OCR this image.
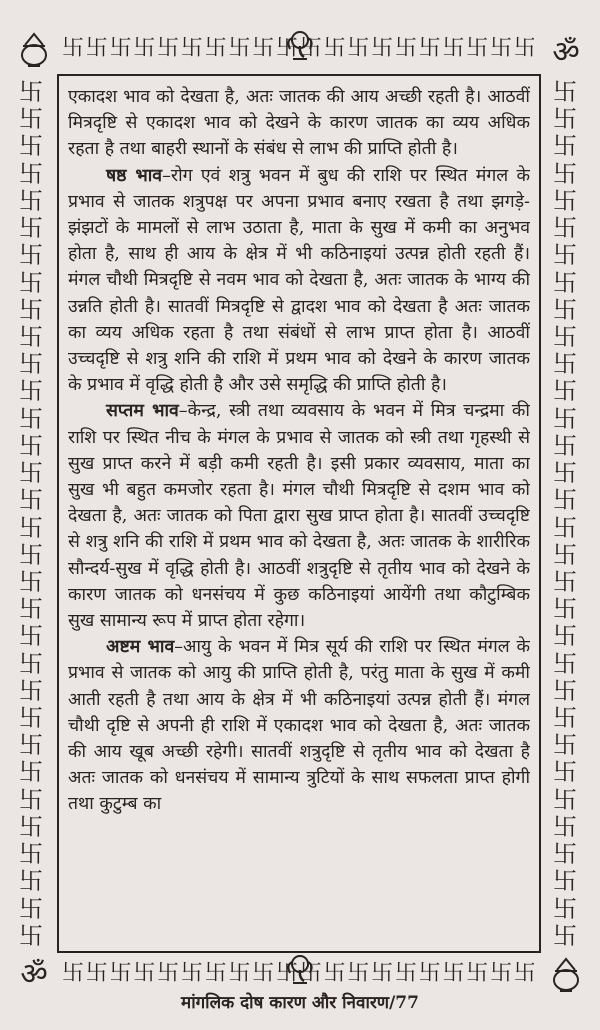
卐 卐 卐 卐 卐 卐 卐 卐 卐 卐 卐 卐 卐 卐 卐 卐 卐 卐 卐 卐
卐 卐 卐 卐 卐 卐 卐 卐 卐 卐 卐 卐 卐 卐 卐 卐 卐 卐 卐 卐
卐
卐
卐
卐
卐
卐
卐
卐
卐
卐
卐
卐
卐
卐
卐
卐
卐
卐
卐
卐
卐
卐
卐
卐
卐
卐
卐
卐
卐
卐
卐
卐
卐
卐
卐
卐
卐
卐
卐
卐
卐
卐
卐
卐
卐
卐
卐
卐
卐
卐
卐
卐
卐
卐
卐
卐
卐
卐
卐
卐
卐
卐
卐
卐
ॐ
ॐ

एकादश भाव को देखता है, अतः जातक की आय अच्छी रहती है। आठवीं मित्रदृष्टि से एकादश भाव को देखने के कारण जातक का व्यय अधिक रहता है तथा बाहरी स्थानों के संबंध से लाभ की प्राप्ति होती है।

षष्ठ भाव–रोग एवं शत्रु भवन में बुध की राशि पर स्थित मंगल के प्रभाव से जातक शत्रुपक्ष पर अपना प्रभाव बनाए रखता है तथा झगड़े- झंझटों के मामलों से लाभ उठाता है, माता के सुख में कमी का अनुभव होता है, साथ ही आय के क्षेत्र में भी कठिनाइयां उत्पन्न होती रहती हैं। मंगल चौथी मित्रदृष्टि से नवम भाव को देखता है, अतः जातक के भाग्य की उन्नति होती है। सातवीं मित्रदृष्टि से द्वादश भाव को देखता है अतः जातक का व्यय अधिक रहता है तथा संबंधों से लाभ प्राप्त होता है। आठवीं उच्चदृष्टि से शत्रु शनि की राशि में प्रथम भाव को देखने के कारण जातक के प्रभाव में वृद्धि होती है और उसे समृद्धि की प्राप्ति होती है।

सप्तम भाव–केन्द्र, स्त्री तथा व्यवसाय के भवन में मित्र चन्द्रमा की राशि पर स्थित नीच के मंगल के प्रभाव से जातक को स्त्री तथा गृहस्थी से सुख प्राप्त करने में बड़ी कमी रहती है। इसी प्रकार व्यवसाय, माता का सुख भी बहुत कमजोर रहता है। मंगल चौथी मित्रदृष्टि से दशम भाव को देखता है, अतः जातक को पिता द्वारा सुख प्राप्त होता है। सातवीं उच्चदृष्टि से शत्रु शनि की राशि में प्रथम भाव को देखता है, अतः जातक के शारीरिक सौन्दर्य-सुख में वृद्धि होती है। आठवीं शत्रुदृष्टि से तृतीय भाव को देखने के कारण जातक को धनसंचय में कुछ कठिनाइयां आयेंगी तथा कौटुम्बिक सुख सामान्य रूप में प्राप्त होता रहेगा।

अष्टम भाव–आयु के भवन में मित्र सूर्य की राशि पर स्थित मंगल के प्रभाव से जातक को आयु की प्राप्ति होती है, परंतु माता के सुख में कमी आती रहती है तथा आय के क्षेत्र में भी कठिनाइयां उत्पन्न होती हैं। मंगल चौथी दृष्टि से अपनी ही राशि में एकादश भाव को देखता है, अतः जातक की आय खूब अच्छी रहेगी। सातवीं शत्रुदृष्टि से तृतीय भाव को देखता है अतः जातक को धनसंचय में सामान्य त्रुटियों के साथ सफलता प्राप्त होगी तथा कुटुम्ब का

मांगलिक दोष कारण और निवारण/77
